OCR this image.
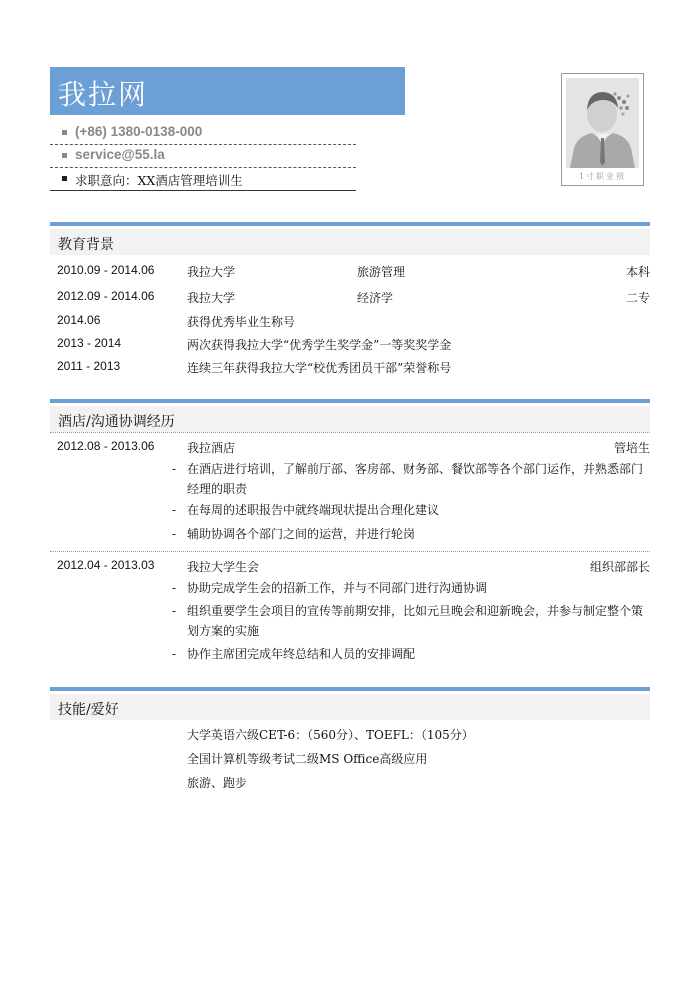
我拉网
(+86) 1380-0138-000
service@55.la
求职意向：XX酒店管理培训生	1寸职业照
教育背景
2010.09 - 2014.06	我拉大学	旅游管理	本科
2012.09 - 2014.06	我拉大学	经济学	二专
2014.06	获得优秀毕业生称号
2013 - 2014	两次获得我拉大学“优秀学生奖学金”一等奖奖学金
2011 - 2013	连续三年获得我拉大学“校优秀团员干部”荣誉称号
酒店/沟通协调经历
2012.08 - 2013.06	我拉酒店	管培生
- 在酒店进行培训，了解前厅部、客房部、财务部、餐饮部等各个部门运作，并熟悉部门经理的职责
- 在每周的述职报告中就终端现状提出合理化建议
- 辅助协调各个部门之间的运营，并进行轮岗
2012.04 - 2013.03	我拉大学生会	组织部部长
- 协助完成学生会的招新工作，并与不同部门进行沟通协调
- 组织重要学生会项目的宣传等前期安排，比如元旦晚会和迎新晚会，并参与制定整个策划方案的实施
- 协作主席团完成年终总结和人员的安排调配
技能/爱好
大学英语六级CET-6：（560分）、TOEFL：（105分）
全国计算机等级考试二级MS Office高级应用
旅游、跑步
